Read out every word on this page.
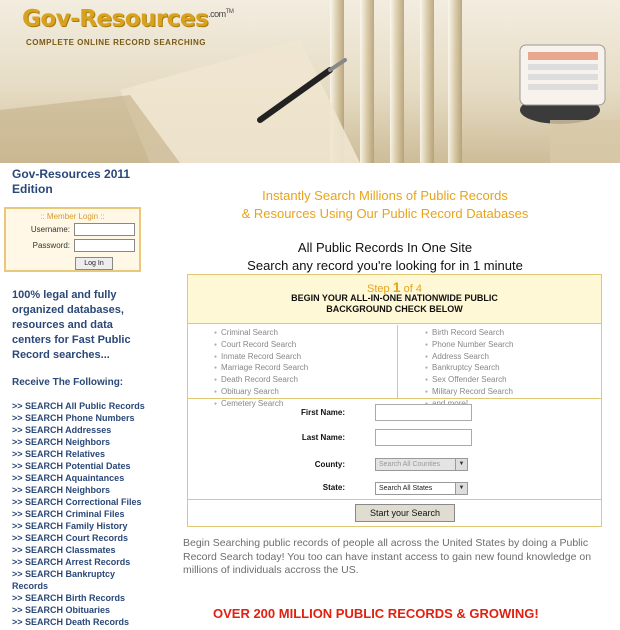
Gov-Resources$^{.com^{TM}}$
COMPLETE ONLINE RECORD SEARCHING
Gov-Resources 2011 Edition
:: Member Login ::
Username:
Password:
Log In
100% legal and fully organized databases, resources and data centers for Fast Public Record searches...
Receive The Following:
>> SEARCH All Public Records
>> SEARCH Phone Numbers
>> SEARCH Addresses
>> SEARCH Neighbors
>> SEARCH Relatives
>> SEARCH Potential Dates
>> SEARCH Aquaintances
>> SEARCH Neighbors
>> SEARCH Correctional Files
>> SEARCH Criminal Files
>> SEARCH Family History
>> SEARCH Court Records
>> SEARCH Classmates
>> SEARCH Arrest Records
>> SEARCH Bankruptcy
Records
>> SEARCH Birth Records
>> SEARCH Obituaries
>> SEARCH Death Records
Instantly Search Millions of Public Records
& Resources Using Our Public Record Databases
All Public Records In One Site
Search any record you're looking for in 1 minute
Step 1 of 4
BEGIN YOUR ALL-IN-ONE NATIONWIDE PUBLIC
BACKGROUND CHECK BELOW
● Criminal Search
● Court Record Search
● Inmate Record Search
● Marriage Record Search
● Death Record Search
● Obituary Search
● Cemetery Search
● Birth Record Search
● Phone Number Search
● Address Search
● Bankruptcy Search
● Sex Offender Search
● Military Record Search
●
First Name:
Last Name:
County:	Search All Counties	▼
State:	Search All States	▼
Start your Search
Begin Searching public records of people all across the United States by doing a Public Record Search today! You too can have instant access to gain new found knowledge on millions of individuals accross the US.
OVER 200 MILLION PUBLIC RECORDS & GROWING!
